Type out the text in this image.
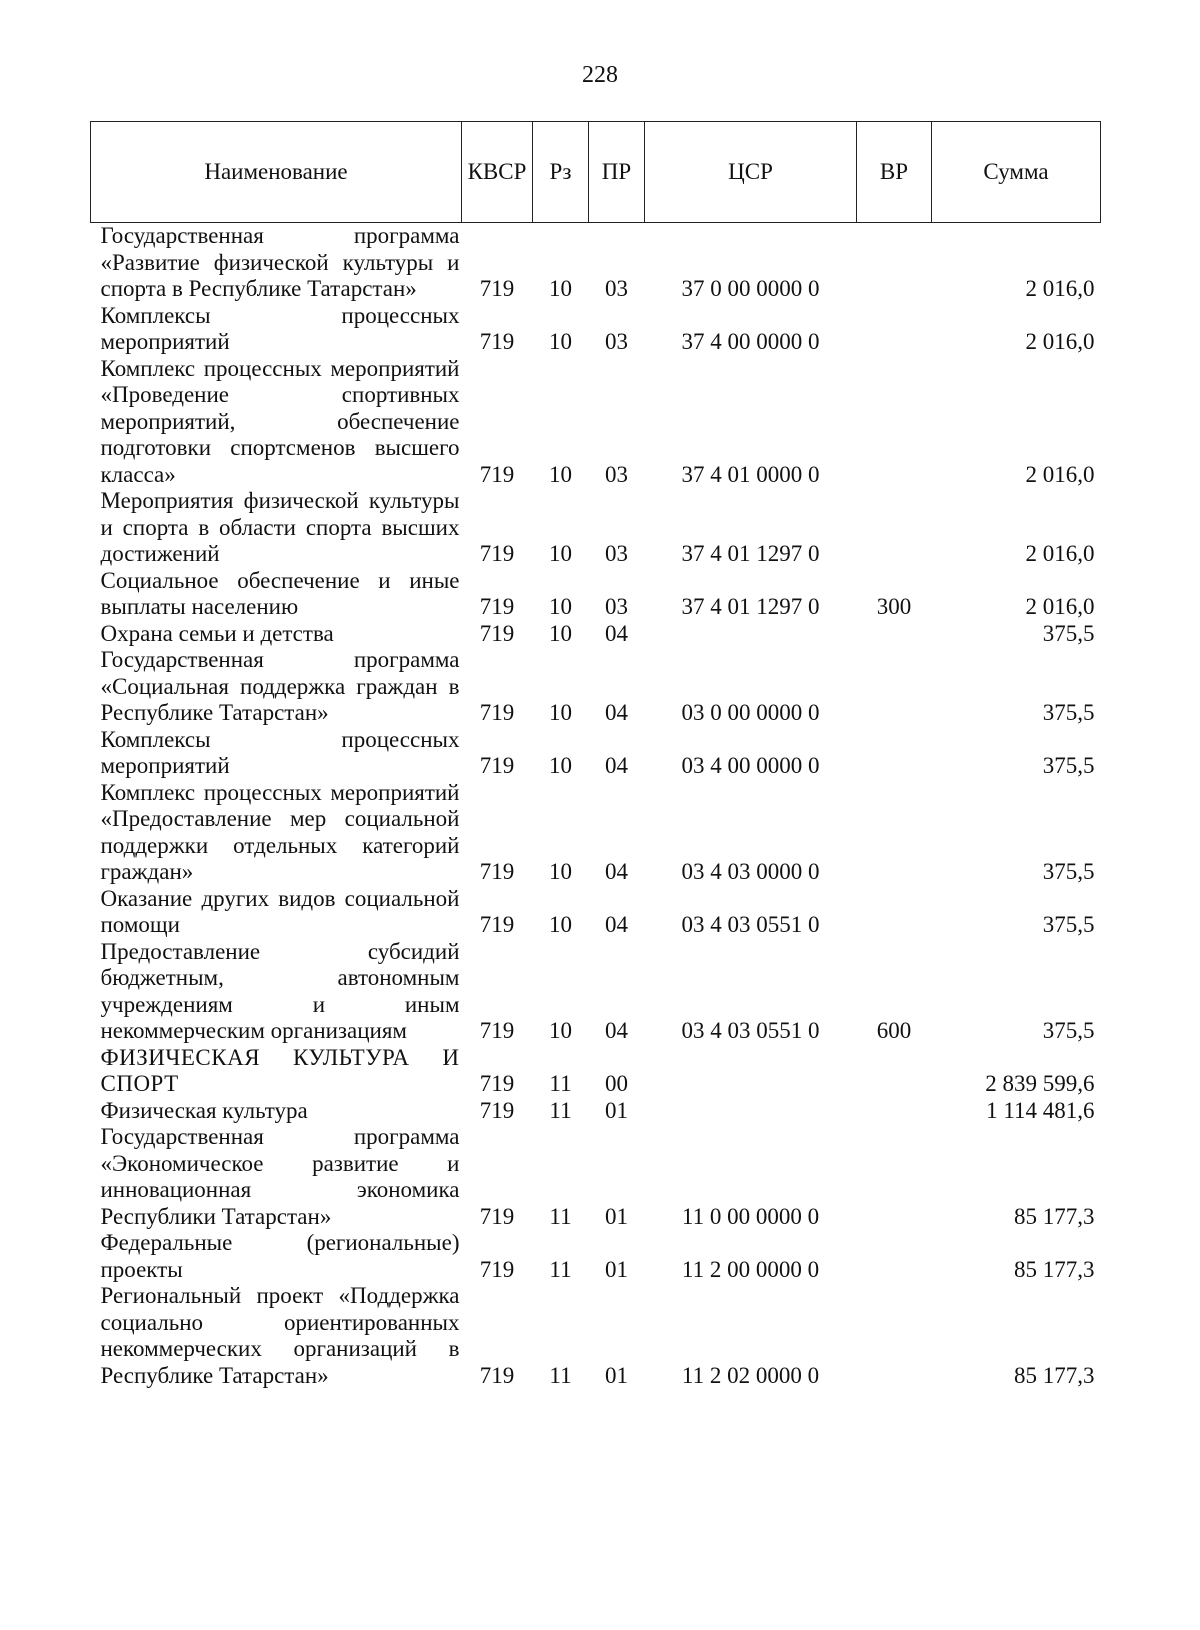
228
Наименование	КВСР	Рз	ПР	ЦСР	ВР	Сумма
Государственная программа «Развитие физической культуры и спорта в Республике Татарстан»	719	10	03	37 0 00 0000 0		2 016,0
Комплексы процессных мероприятий	719	10	03	37 4 00 0000 0		2 016,0
Комплекс процессных мероприятий «Проведение спортивных мероприятий, обеспечение подготовки спортсменов высшего класса»	719	10	03	37 4 01 0000 0		2 016,0
Мероприятия физической культуры и спорта в области спорта высших достижений	719	10	03	37 4 01 1297 0		2 016,0
Социальное обеспечение и иные выплаты населению	719	10	03	37 4 01 1297 0	300	2 016,0
Охрана семьи и детства	719	10	04			375,5
Государственная программа «Социальная поддержка граждан в Республике Татарстан»	719	10	04	03 0 00 0000 0		375,5
Комплексы процессных мероприятий	719	10	04	03 4 00 0000 0		375,5
Комплекс процессных мероприятий «Предоставление мер социальной поддержки отдельных категорий граждан»	719	10	04	03 4 03 0000 0		375,5
Оказание других видов социальной помощи	719	10	04	03 4 03 0551 0		375,5
Предоставление субсидий бюджетным, автономным учреждениям и иным некоммерческим организациям	719	10	04	03 4 03 0551 0	600	375,5
ФИЗИЧЕСКАЯ КУЛЬТУРА И СПОРТ	719	11	00			2 839 599,6
Физическая культура	719	11	01			1 114 481,6
Государственная программа «Экономическое развитие и инновационная экономика Республики Татарстан»	719	11	01	11 0 00 0000 0		85 177,3
Федеральные (региональные) проекты	719	11	01	11 2 00 0000 0		85 177,3
Региональный проект «Поддержка социально ориентированных некоммерческих организаций в Республике Татарстан»	719	11	01	11 2 02 0000 0		85 177,3
